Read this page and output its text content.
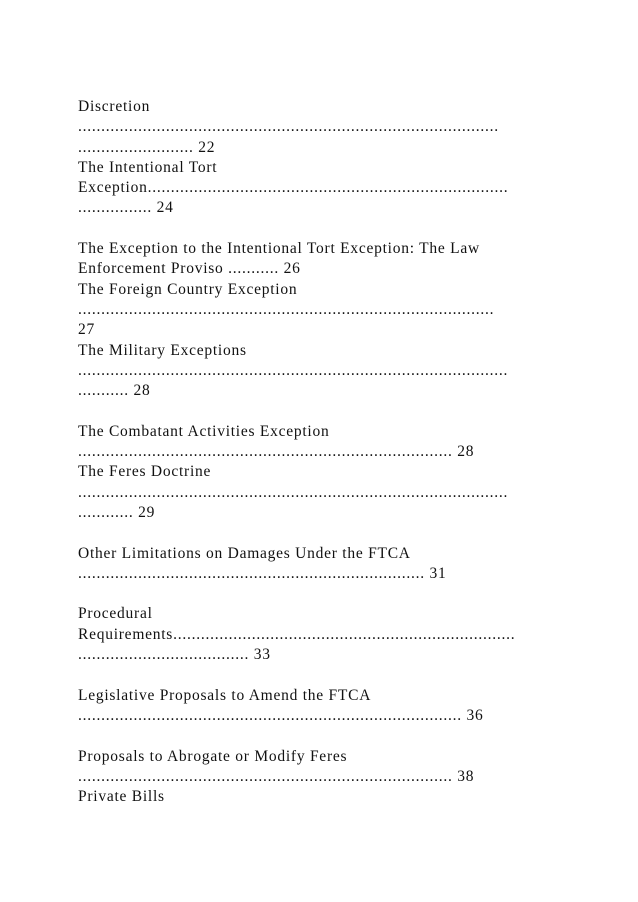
Discretion
...........................................................................................
......................... 22
The Intentional Tort
Exception..............................................................................
................ 24
The Exception to the Intentional Tort Exception: The Law
Enforcement Proviso ........... 26
The Foreign Country Exception
..........................................................................................
27
The Military Exceptions
.............................................................................................
........... 28
The Combatant Activities Exception
................................................................................. 28
The Feres Doctrine
.............................................................................................
............ 29
Other Limitations on Damages Under the FTCA
........................................................................... 31
Procedural
Requirements..........................................................................
..................................... 33
Legislative Proposals to Amend the FTCA
................................................................................... 36
Proposals to Abrogate or Modify Feres
................................................................................. 38
Private Bills
